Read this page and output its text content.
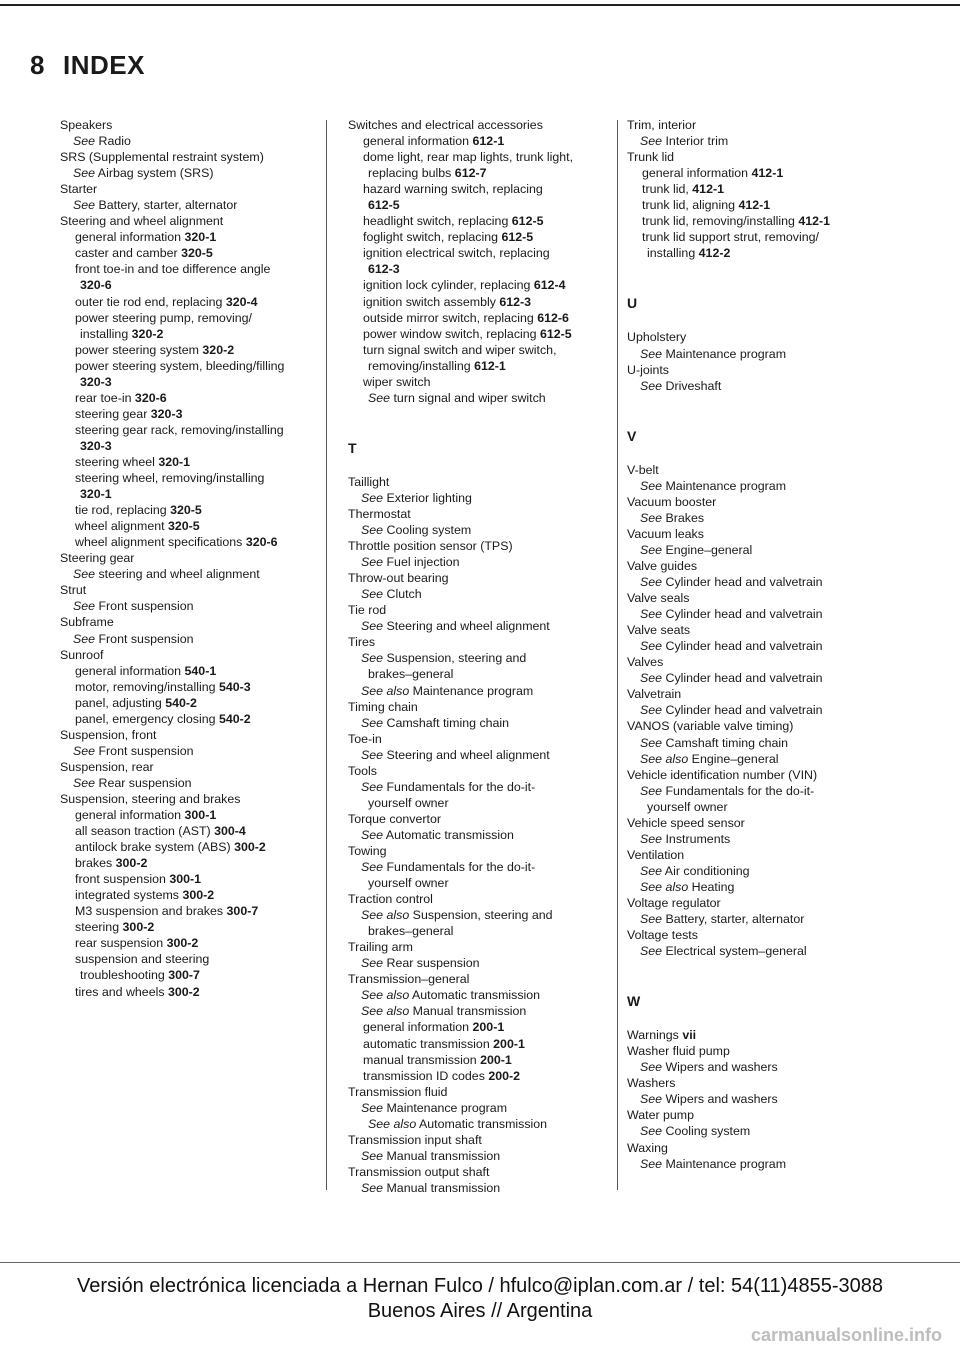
8 INDEX
Speakers
See Radio
SRS (Supplemental restraint system)
See Airbag system (SRS)
Starter
See Battery, starter, alternator
Steering and wheel alignment
general information 320-1
caster and camber 320-5
front toe-in and toe difference angle
320-6
outer tie rod end, replacing 320-4
power steering pump, removing/
installing 320-2
power steering system 320-2
power steering system, bleeding/filling
320-3
rear toe-in 320-6
steering gear 320-3
steering gear rack, removing/installing
320-3
steering wheel 320-1
steering wheel, removing/installing
320-1
tie rod, replacing 320-5
wheel alignment 320-5
wheel alignment specifications 320-6
Steering gear
See steering and wheel alignment
Strut
See Front suspension
Subframe
See Front suspension
Sunroof
general information 540-1
motor, removing/installing 540-3
panel, adjusting 540-2
panel, emergency closing 540-2
Suspension, front
See Front suspension
Suspension, rear
See Rear suspension
Suspension, steering and brakes
general information 300-1
all season traction (AST) 300-4
antilock brake system (ABS) 300-2
brakes 300-2
front suspension 300-1
integrated systems 300-2
M3 suspension and brakes 300-7
steering 300-2
rear suspension 300-2
suspension and steering
troubleshooting 300-7
tires and wheels 300-2
Switches and electrical accessories
general information 612-1
dome light, rear map lights, trunk light,
replacing bulbs 612-7
hazard warning switch, replacing
612-5
headlight switch, replacing 612-5
foglight switch, replacing 612-5
ignition electrical switch, replacing
612-3
ignition lock cylinder, replacing 612-4
ignition switch assembly 612-3
outside mirror switch, replacing 612-6
power window switch, replacing 612-5
turn signal switch and wiper switch,
removing/installing 612-1
wiper switch
See turn signal and wiper switch
T
Taillight
See Exterior lighting
Thermostat
See Cooling system
Throttle position sensor (TPS)
See Fuel injection
Throw-out bearing
See Clutch
Tie rod
See Steering and wheel alignment
Tires
See Suspension, steering and
brakes–general
See also Maintenance program
Timing chain
See Camshaft timing chain
Toe-in
See Steering and wheel alignment
Tools
See Fundamentals for the do-it-
yourself owner
Torque convertor
See Automatic transmission
Towing
See Fundamentals for the do-it-
yourself owner
Traction control
See also Suspension, steering and
brakes–general
Trailing arm
See Rear suspension
Transmission–general
See also Automatic transmission
See also Manual transmission
general information 200-1
automatic transmission 200-1
manual transmission 200-1
transmission ID codes 200-2
Transmission fluid
See Maintenance program
See also Automatic transmission
Transmission input shaft
See Manual transmission
Transmission output shaft
See Manual transmission
Trim, interior
See Interior trim
Trunk lid
general information 412-1
trunk lid, 412-1
trunk lid, aligning 412-1
trunk lid, removing/installing 412-1
trunk lid support strut, removing/
installing 412-2
U
Upholstery
See Maintenance program
U-joints
See Driveshaft
V
V-belt
See Maintenance program
Vacuum booster
See Brakes
Vacuum leaks
See Engine–general
Valve guides
See Cylinder head and valvetrain
Valve seals
See Cylinder head and valvetrain
Valve seats
See Cylinder head and valvetrain
Valves
See Cylinder head and valvetrain
Valvetrain
See Cylinder head and valvetrain
VANOS (variable valve timing)
See Camshaft timing chain
See also Engine–general
Vehicle identification number (VIN)
See Fundamentals for the do-it-
yourself owner
Vehicle speed sensor
See Instruments
Ventilation
See Air conditioning
See also Heating
Voltage regulator
See Battery, starter, alternator
Voltage tests
See Electrical system–general
W
Warnings vii
Washer fluid pump
See Wipers and washers
Washers
See Wipers and washers
Water pump
See Cooling system
Waxing
See Maintenance program
Versión electrónica licenciada a Hernan Fulco / hfulco@iplan.com.ar / tel: 54(11)4855-3088
Buenos Aires // Argentina
carmanualsonline.info
